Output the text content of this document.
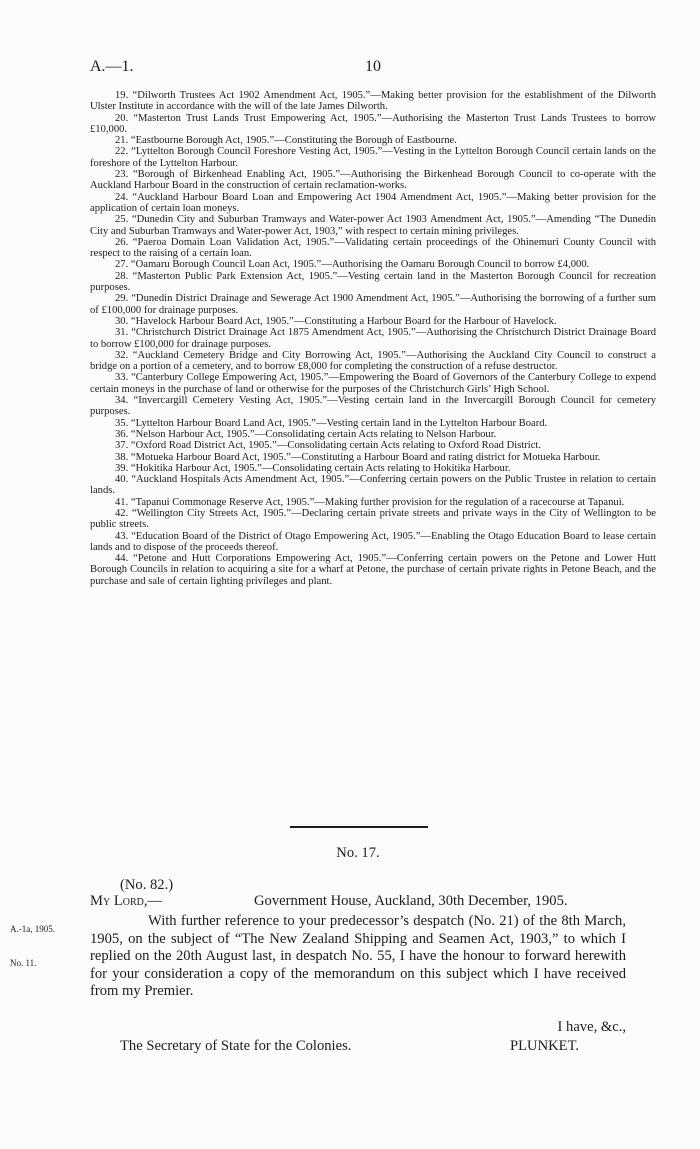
A.—1.	10

19. “Dilworth Trustees Act 1902 Amendment Act, 1905.”—Making better provision for the establishment of the Dilworth Ulster Institute in accordance with the will of the late James Dilworth.

20. “Masterton Trust Lands Trust Empowering Act, 1905.”—Authorising the Masterton Trust Lands Trustees to borrow £10,000.

21. “Eastbourne Borough Act, 1905.”—Constituting the Borough of Eastbourne.

22. “Lyttelton Borough Council Foreshore Vesting Act, 1905.”—Vesting in the Lyttelton Borough Council certain lands on the foreshore of the Lyttelton Harbour.

23. “Borough of Birkenhead Enabling Act, 1905.”—Authorising the Birkenhead Borough Council to co-operate with the Auckland Harbour Board in the construction of certain reclamation-works.

24. “Auckland Harbour Board Loan and Empowering Act 1904 Amendment Act, 1905.”—Making better provision for the application of certain loan moneys.

25. “Dunedin City and Suburban Tramways and Water-power Act 1903 Amendment Act, 1905.”—Amending “The Dunedin City and Suburban Tramways and Water-power Act, 1903,” with respect to certain mining privileges.

26. “Paeroa Domain Loan Validation Act, 1905.”—Validating certain proceedings of the Ohinemuri County Council with respect to the raising of a certain loan.

27. “Oamaru Borough Council Loan Act, 1905.”—Authorising the Oamaru Borough Council to borrow £4,000.

28. “Masterton Public Park Extension Act, 1905.”—Vesting certain land in the Masterton Borough Council for recreation purposes.

29. “Dunedin District Drainage and Sewerage Act 1900 Amendment Act, 1905.”—Authorising the borrowing of a further sum of £100,000 for drainage purposes.

30. “Havelock Harbour Board Act, 1905.”—Constituting a Harbour Board for the Harbour of Havelock.

31. “Christchurch District Drainage Act 1875 Amendment Act, 1905.”—Authorising the Christchurch District Drainage Board to borrow £100,000 for drainage purposes.

32. “Auckland Cemetery Bridge and City Borrowing Act, 1905.”—Authorising the Auckland City Council to construct a bridge on a portion of a cemetery, and to borrow £8,000 for completing the construction of a refuse destructor.

33. “Canterbury College Empowering Act, 1905.”—Empowering the Board of Governors of the Canterbury College to expend certain moneys in the purchase of land or otherwise for the purposes of the Christchurch Girls’ High School.

34. “Invercargill Cemetery Vesting Act, 1905.”—Vesting certain land in the Invercargill Borough Council for cemetery purposes.

35. “Lyttelton Harbour Board Land Act, 1905.”—Vesting certain land in the Lyttelton Harbour Board.

36. “Nelson Harbour Act, 1905.”—Consolidating certain Acts relating to Nelson Harbour.

37. “Oxford Road District Act, 1905.”—Consolidating certain Acts relating to Oxford Road District.

38. “Motueka Harbour Board Act, 1905.”—Constituting a Harbour Board and rating district for Motueka Harbour.

39. “Hokitika Harbour Act, 1905.”—Consolidating certain Acts relating to Hokitika Harbour.

40. “Auckland Hospitals Acts Amendment Act, 1905.”—Conferring certain powers on the Public Trustee in relation to certain lands.

41. “Tapanui Commonage Reserve Act, 1905.”—Making further provision for the regulation of a racecourse at Tapanui.

42. “Wellington City Streets Act, 1905.”—Declaring certain private streets and private ways in the City of Wellington to be public streets.

43. “Education Board of the District of Otago Empowering Act, 1905.”—Enabling the Otago Education Board to lease certain lands and to dispose of the proceeds thereof.

44. “Petone and Hutt Corporations Empowering Act, 1905.”—Conferring certain powers on the Petone and Lower Hutt Borough Councils in relation to acquiring a site for a wharf at Petone, the purchase of certain private rights in Petone Beach, and the purchase and sale of certain lighting privileges and plant.

No. 17.
(No. 82.)
My Lord,—	Government House, Auckland, 30th December, 1905.

With further reference to your predecessor’s despatch (No. 21) of the 8th March, 1905, on the subject of “The New Zealand Shipping and Seamen Act, 1903,” to which I replied on the 20th August last, in despatch No. 55, I have the honour to forward herewith for your consideration a copy of the memorandum on this subject which I have received from my Premier.

I have, &c.,
The Secretary of State for the Colonies.	PLUNKET.
A.-1a, 1905.
No. 11.
